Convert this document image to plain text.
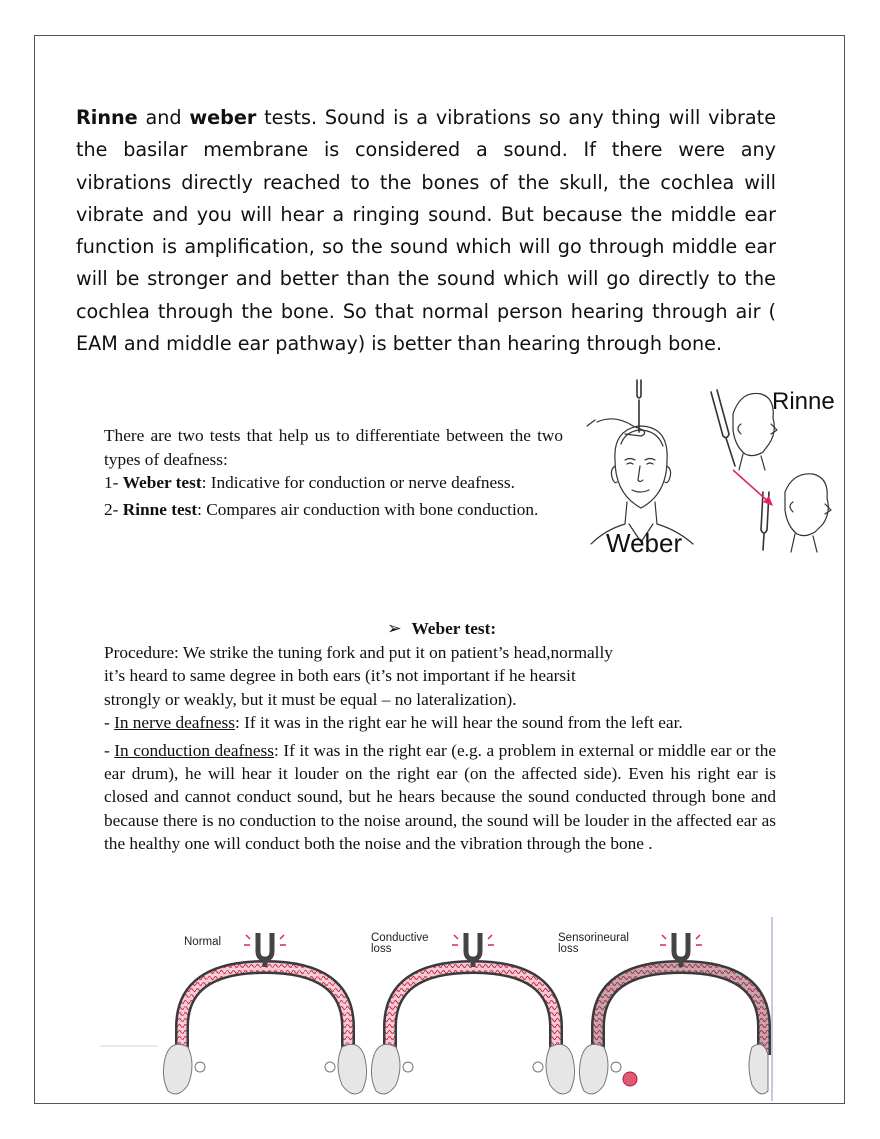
Rinne and weber tests. Sound is a vibrations so any thing will vibrate the basilar membrane is considered a sound. If there were any vibrations directly reached to the bones of the skull, the cochlea will vibrate and you will hear a ringing sound. But because the middle ear function is amplification, so the sound which will go through middle ear will be stronger and better than the sound which will go directly to the cochlea through the bone. So that normal person hearing through air ( EAM and middle ear pathway) is better than hearing through bone.

There are two tests that help us to differentiate between the two types of deafness:

1- Weber test: Indicative for conduction or nerve deafness.

2- Rinne test: Compares air conduction with bone conduction.

Weber
Rinne
➢ Weber test:

Procedure: We strike the tuning fork and put it on patient’s head,normally

it’s heard to same degree in both ears (it’s not important if he hearsit

strongly or weakly, but it must be equal – no lateralization).

- In nerve deafness: If it was in the right ear he will hear the sound from the left ear.

- In conduction deafness: If it was in the right ear (e.g. a problem in external or middle ear or the ear drum), he will hear it louder on the right ear (on the affected side). Even his right ear is closed and cannot conduct sound, but he hears because the sound conducted through bone and because there is no conduction to the noise around, the sound will be louder in the affected ear as the healthy one will conduct both the noise and the vibration through the bone .

Normal	Conductive
loss
Sensorineural
loss
